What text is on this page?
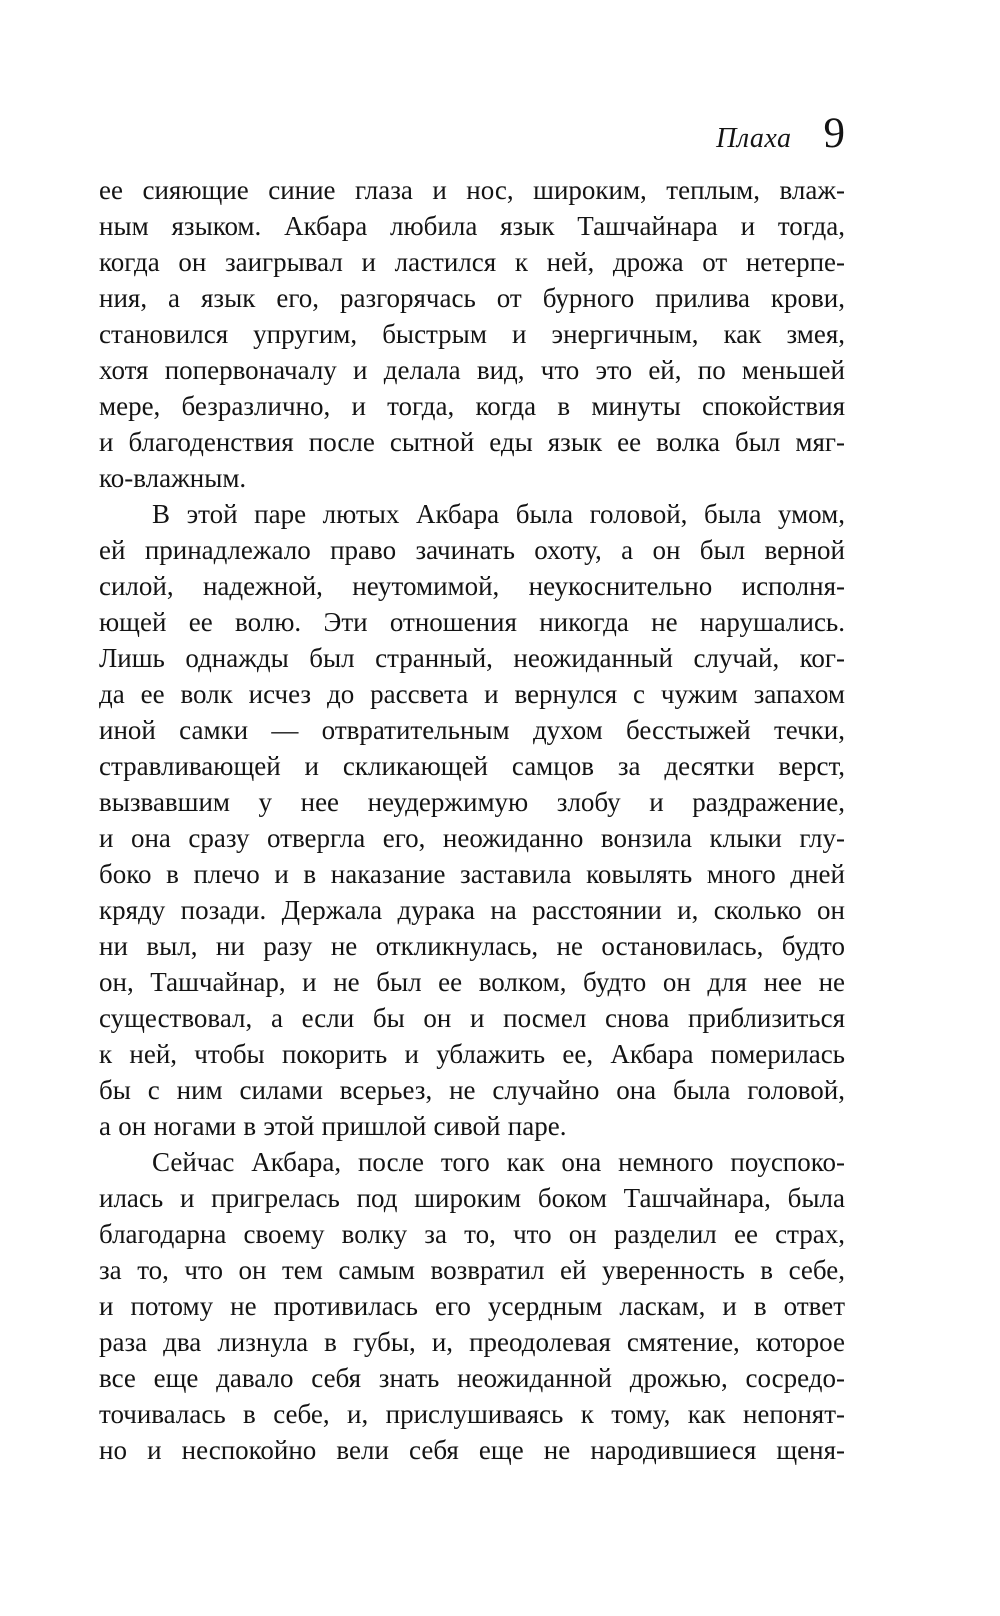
Плаха 9
ее сияющие синие глаза и нос, широким, теплым, влаж-
ным языком. Акбара любила язык Ташчайнара и тогда,
когда он заигрывал и ластился к ней, дрожа от нетерпе-
ния, а язык его, разгорячась от бурного прилива крови,
становился упругим, быстрым и энергичным, как змея,
хотя попервоначалу и делала вид, что это ей, по меньшей
мере, безразлично, и тогда, когда в минуты спокойствия
и благоденствия после сытной еды язык ее волка был мяг-
ко-влажным.
В этой паре лютых Акбара была головой, была умом,
ей принадлежало право зачинать охоту, а он был верной
силой, надежной, неутомимой, неукоснительно исполня-
ющей ее волю. Эти отношения никогда не нарушались.
Лишь однажды был странный, неожиданный случай, ког-
да ее волк исчез до рассвета и вернулся с чужим запахом
иной самки — отвратительным духом бесстыжей течки,
стравливающей и скликающей самцов за десятки верст,
вызвавшим у нее неудержимую злобу и раздражение,
и она сразу отвергла его, неожиданно вонзила клыки глу-
боко в плечо и в наказание заставила ковылять много дней
кряду позади. Держала дурака на расстоянии и, сколько он
ни выл, ни разу не откликнулась, не остановилась, будто
он, Ташчайнар, и не был ее волком, будто он для нее не
существовал, а если бы он и посмел снова приблизиться
к ней, чтобы покорить и ублажить ее, Акбара померилась
бы с ним силами всерьез, не случайно она была головой,
а он ногами в этой пришлой сивой паре.
Сейчас Акбара, после того как она немного поуспоко-
илась и пригрелась под широким боком Ташчайнара, была
благодарна своему волку за то, что он разделил ее страх,
за то, что он тем самым возвратил ей уверенность в себе,
и потому не противилась его усердным ласкам, и в ответ
раза два лизнула в губы, и, преодолевая смятение, которое
все еще давало себя знать неожиданной дрожью, сосредо-
точивалась в себе, и, прислушиваясь к тому, как непонят-
но и неспокойно вели себя еще не народившиеся щеня-
